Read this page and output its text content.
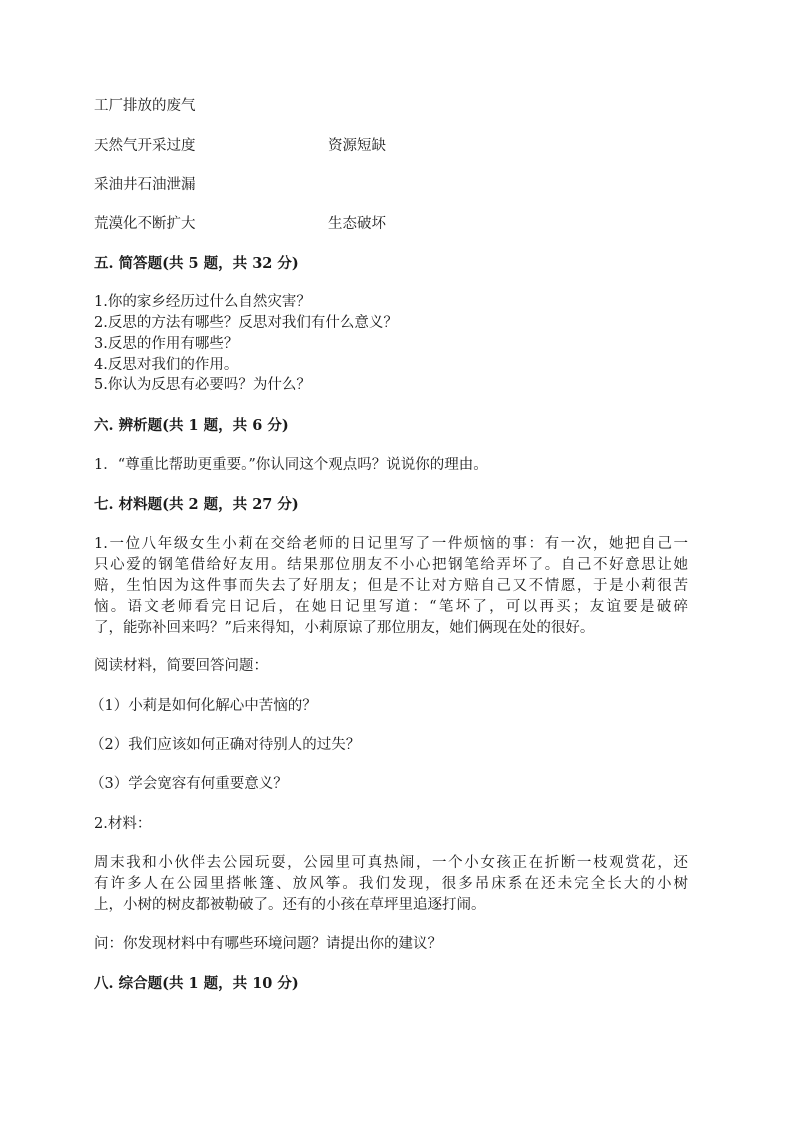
工厂排放的废气
天然气开采过度	资源短缺
采油井石油泄漏
荒漠化不断扩大	生态破坏
五. 简答题(共 5 题，共 32 分)
1.你的家乡经历过什么自然灾害？
2.反思的方法有哪些？反思对我们有什么意义？
3.反思的作用有哪些？
4.反思对我们的作用。
5.你认为反思有必要吗？为什么？
六. 辨析题(共 1 题，共 6 分)
1．“尊重比帮助更重要。”你认同这个观点吗？说说你的理由。
七. 材料题(共 2 题，共 27 分)
1.一位八年级女生小莉在交给老师的日记里写了一件烦恼的事：有一次，她把自己一
只心爱的钢笔借给好友用。结果那位朋友不小心把钢笔给弄坏了。自己不好意思让她
赔，生怕因为这件事而失去了好朋友；但是不让对方赔自己又不情愿，于是小莉很苦
恼。语文老师看完日记后，在她日记里写道：“笔坏了，可以再买；友谊要是破碎
了，能弥补回来吗？”后来得知，小莉原谅了那位朋友，她们俩现在处的很好。
阅读材料，简要回答问题：
（1）小莉是如何化解心中苦恼的？
（2）我们应该如何正确对待别人的过失？
（3）学会宽容有何重要意义？
2.材料：
周末我和小伙伴去公园玩耍，公园里可真热闹，一个小女孩正在折断一枝观赏花，还
有许多人在公园里搭帐篷、放风筝。我们发现，很多吊床系在还未完全长大的小树
上，小树的树皮都被勒破了。还有的小孩在草坪里追逐打闹。
问：你发现材料中有哪些环境问题？请提出你的建议？
八. 综合题(共 1 题，共 10 分)
